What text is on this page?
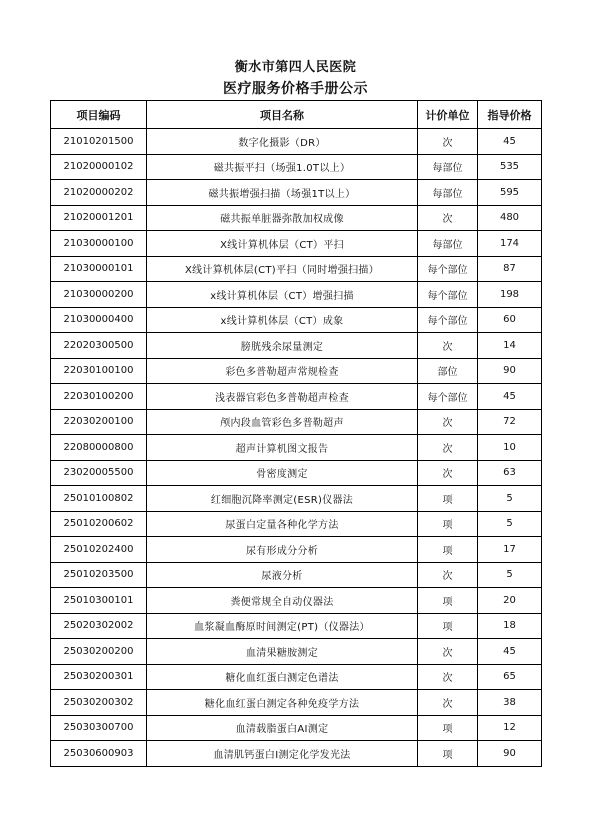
衡水市第四人民医院
医疗服务价格手册公示
项目编码	项目名称	计价单位	指导价格
21010201500	数字化摄影（DR）	次	45
21020000102	磁共振平扫（场强1.0T以上）	每部位	535
21020000202	磁共振增强扫描（场强1T以上）	每部位	595
21020001201	磁共振单脏器弥散加权成像	次	480
21030000100	X线计算机体层（CT）平扫	每部位	174
21030000101	X线计算机体层(CT)平扫（同时增强扫描）	每个部位	87
21030000200	x线计算机体层（CT）增强扫描	每个部位	198
21030000400	x线计算机体层（CT）成象	每个部位	60
22020300500	膀胱残余尿量测定	次	14
22030100100	彩色多普勒超声常规检查	部位	90
22030100200	浅表器官彩色多普勒超声检查	每个部位	45
22030200100	颅内段血管彩色多普勒超声	次	72
22080000800	超声计算机图文报告	次	10
23020005500	骨密度测定	次	63
25010100802	红细胞沉降率测定(ESR)仪器法	项	5
25010200602	尿蛋白定量各种化学方法	项	5
25010202400	尿有形成分分析	项	17
25010203500	尿液分析	次	5
25010300101	粪便常规全自动仪器法	项	20
25020302002	血浆凝血酶原时间测定(PT)（仪器法）	项	18
25030200200	血清果糖胺测定	次	45
25030200301	糖化血红蛋白测定色谱法	次	65
25030200302	糖化血红蛋白测定各种免疫学方法	次	38
25030300700	血清载脂蛋白AⅠ测定	项	12
25030600903	血清肌钙蛋白Ⅰ测定化学发光法	项	90
